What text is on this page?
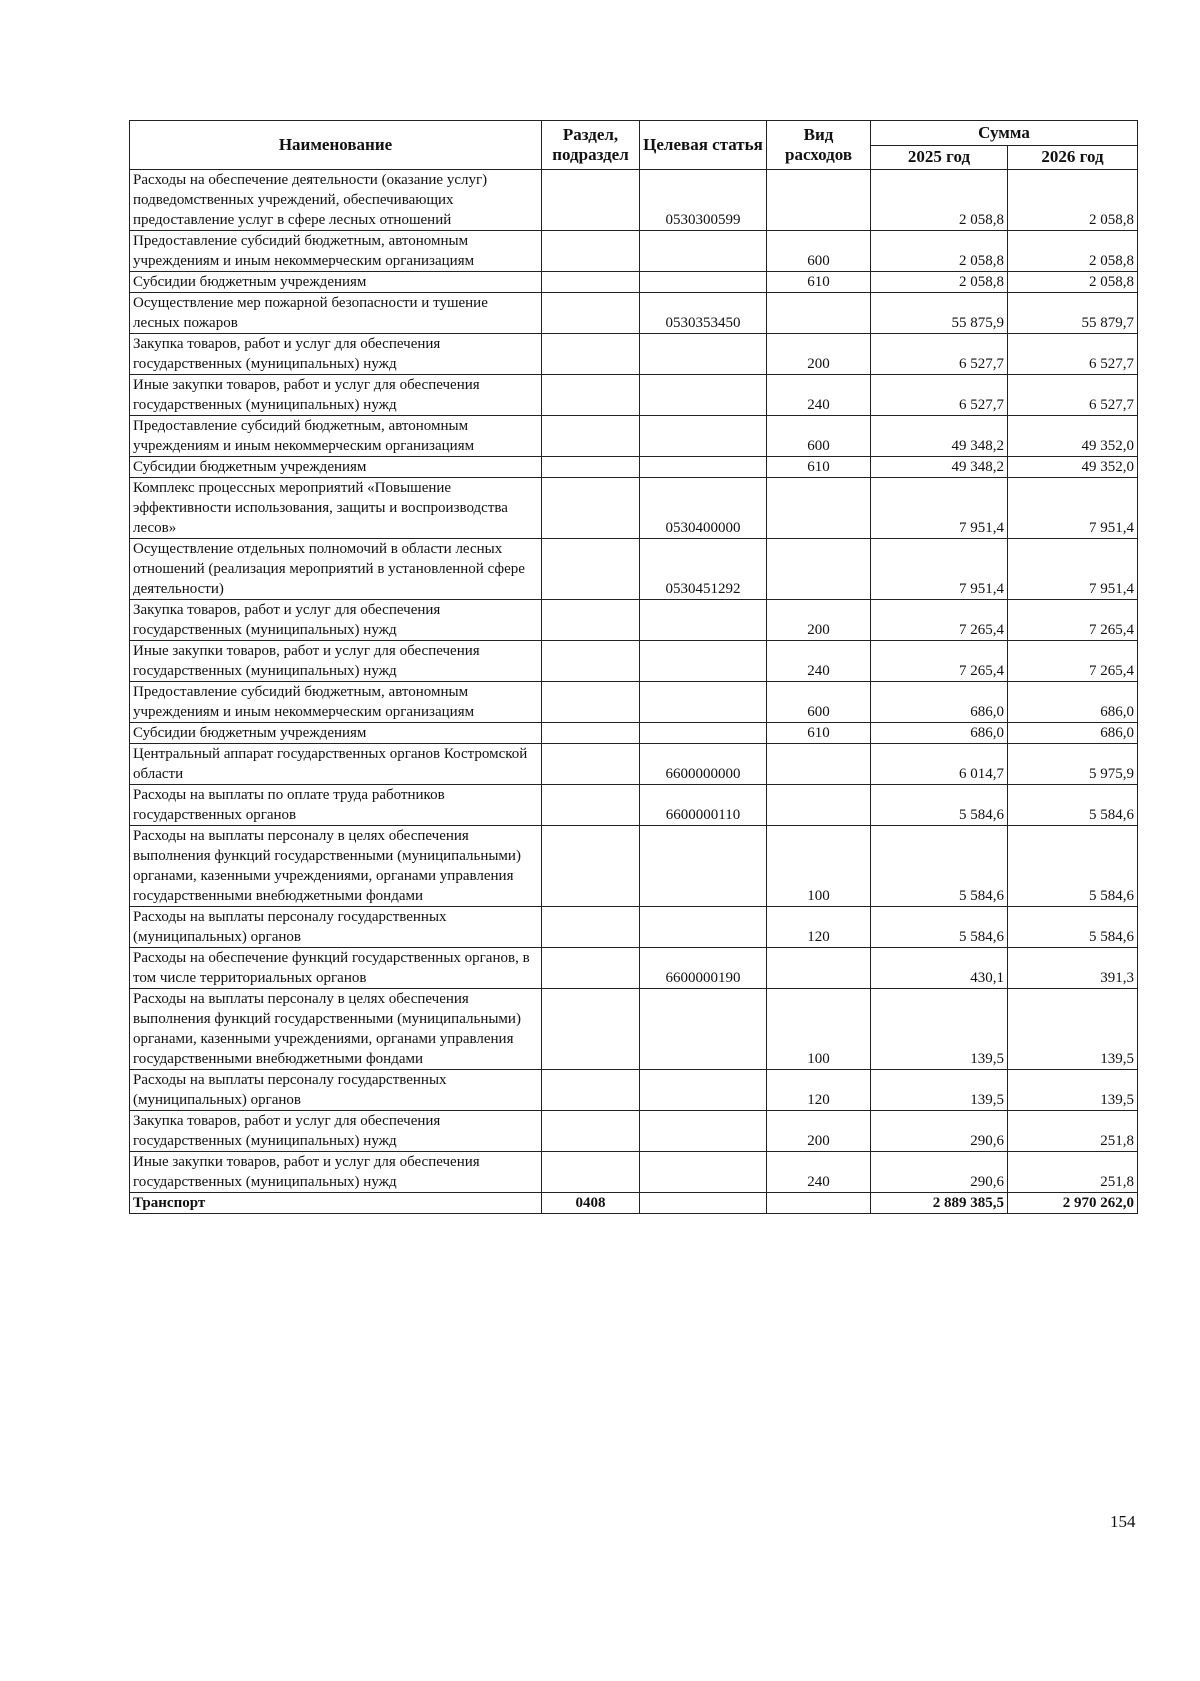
Наименование	Раздел, подраздел	Целевая статья	Вид расходов	Сумма	
				2025 год	2026 год
Расходы на обеспечение деятельности (оказание услуг) подведомственных учреждений, обеспечивающих предоставление услуг в сфере лесных отношений		0530300599		2 058,8	2 058,8
Предоставление субсидий бюджетным, автономным учреждениям и иным некоммерческим организациям			600	2 058,8	2 058,8
Субсидии бюджетным учреждениям			610	2 058,8	2 058,8
Осуществление мер пожарной безопасности и тушение лесных пожаров		0530353450		55 875,9	55 879,7
Закупка товаров, работ и услуг для обеспечения государственных (муниципальных) нужд			200	6 527,7	6 527,7
Иные закупки товаров, работ и услуг для обеспечения государственных (муниципальных) нужд			240	6 527,7	6 527,7
Предоставление субсидий бюджетным, автономным учреждениям и иным некоммерческим организациям			600	49 348,2	49 352,0
Субсидии бюджетным учреждениям			610	49 348,2	49 352,0
Комплекс процессных мероприятий «Повышение эффективности использования, защиты и воспроизводства лесов»		0530400000		7 951,4	7 951,4
Осуществление отдельных полномочий в области лесных отношений (реализация мероприятий в установленной сфере деятельности)		0530451292		7 951,4	7 951,4
Закупка товаров, работ и услуг для обеспечения государственных (муниципальных) нужд			200	7 265,4	7 265,4
Иные закупки товаров, работ и услуг для обеспечения государственных (муниципальных) нужд			240	7 265,4	7 265,4
Предоставление субсидий бюджетным, автономным учреждениям и иным некоммерческим организациям			600	686,0	686,0
Субсидии бюджетным учреждениям			610	686,0	686,0
Центральный аппарат государственных органов Костромской области		6600000000		6 014,7	5 975,9
Расходы на выплаты по оплате труда работников государственных органов		6600000110		5 584,6	5 584,6
Расходы на выплаты персоналу в целях обеспечения выполнения функций государственными (муниципальными) органами, казенными учреждениями, органами управления государственными внебюджетными фондами			100	5 584,6	5 584,6
Расходы на выплаты персоналу государственных (муниципальных) органов			120	5 584,6	5 584,6
Расходы на обеспечение функций государственных органов, в том числе территориальных органов		6600000190		430,1	391,3
Расходы на выплаты персоналу в целях обеспечения выполнения функций государственными (муниципальными) органами, казенными учреждениями, органами управления государственными внебюджетными фондами			100	139,5	139,5
Расходы на выплаты персоналу государственных (муниципальных) органов			120	139,5	139,5
Закупка товаров, работ и услуг для обеспечения государственных (муниципальных) нужд			200	290,6	251,8
Иные закупки товаров, работ и услуг для обеспечения государственных (муниципальных) нужд			240	290,6	251,8
Транспорт	0408			2 889 385,5	2 970 262,0
154
